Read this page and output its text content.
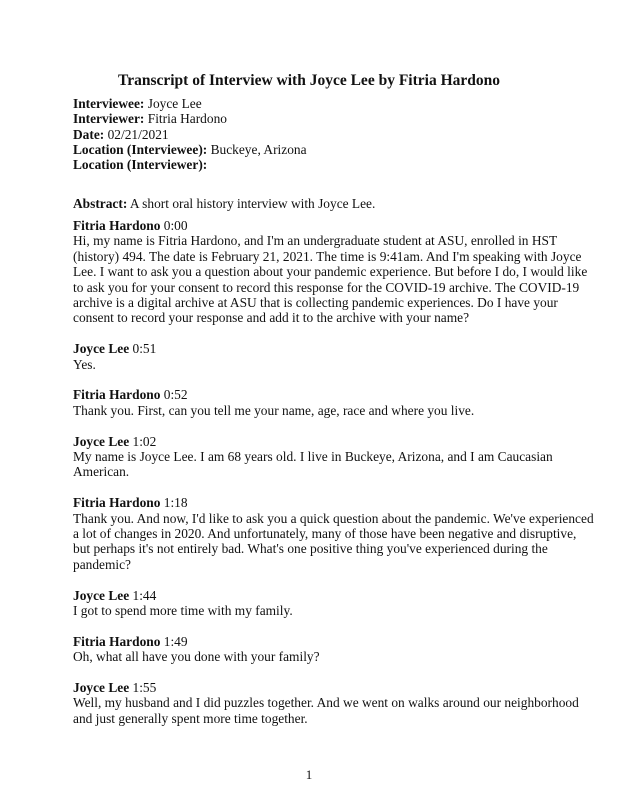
Transcript of Interview with Joyce Lee by Fitria Hardono
Interviewee: Joyce Lee
Interviewer: Fitria Hardono
Date: 02/21/2021
Location (Interviewee): Buckeye, Arizona
Location (Interviewer):
Abstract: A short oral history interview with Joyce Lee.

Fitria Hardono 0:00

Hi, my name is Fitria Hardono, and I'm an undergraduate student at ASU, enrolled in HST

(history) 494. The date is February 21, 2021. The time is 9:41am. And I'm speaking with Joyce

Lee. I want to ask you a question about your pandemic experience. But before I do, I would like

to ask you for your consent to record this response for the COVID-19 archive. The COVID-19

archive is a digital archive at ASU that is collecting pandemic experiences. Do I have your

consent to record your response and add it to the archive with your name?

Joyce Lee 0:51

Yes.

Fitria Hardono 0:52

Thank you. First, can you tell me your name, age, race and where you live.

Joyce Lee 1:02

My name is Joyce Lee. I am 68 years old. I live in Buckeye, Arizona, and I am Caucasian

American.

Fitria Hardono 1:18

Thank you. And now, I'd like to ask you a quick question about the pandemic. We've experienced

a lot of changes in 2020. And unfortunately, many of those have been negative and disruptive,

but perhaps it's not entirely bad. What's one positive thing you've experienced during the

pandemic?

Joyce Lee 1:44

I got to spend more time with my family.

Fitria Hardono 1:49

Oh, what all have you done with your family?

Joyce Lee 1:55

Well, my husband and I did puzzles together. And we went on walks around our neighborhood

and just generally spent more time together.

1
